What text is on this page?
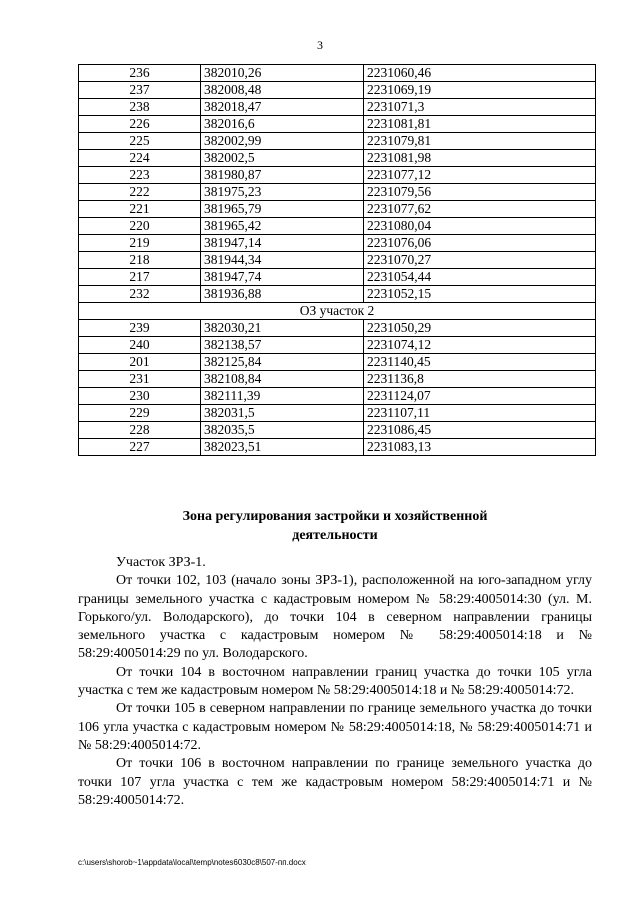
3
236	382010,26	2231060,46
237	382008,48	2231069,19
238	382018,47	2231071,3
226	382016,6	2231081,81
225	382002,99	2231079,81
224	382002,5	2231081,98
223	381980,87	2231077,12
222	381975,23	2231079,56
221	381965,79	2231077,62
220	381965,42	2231080,04
219	381947,14	2231076,06
218	381944,34	2231070,27
217	381947,74	2231054,44
232	381936,88	2231052,15
ОЗ участок 2		
239	382030,21	2231050,29
240	382138,57	2231074,12
201	382125,84	2231140,45
231	382108,84	2231136,8
230	382111,39	2231124,07
229	382031,5	2231107,11
228	382035,5	2231086,45
227	382023,51	2231083,13
Зона регулирования застройки и хозяйственной
деятельности

Участок ЗРЗ-1.

От точки 102, 103 (начало зоны ЗРЗ-1), расположенной на юго-западном углу границы земельного участка с кадастровым номером № 58:29:4005014:30 (ул. М. Горького/ул. Володарского), до точки 104 в северном направлении границы земельного участка с кадастровым номером № 58:29:4005014:18 и № 58:29:4005014:29 по ул. Володарского.

От точки 104 в восточном направлении границ участка до точки 105 угла участка с тем же кадастровым номером № 58:29:4005014:18 и № 58:29:4005014:72.

От точки 105 в северном направлении по границе земельного участка до точки 106 угла участка с кадастровым номером № 58:29:4005014:18, № 58:29:4005014:71 и № 58:29:4005014:72.

От точки 106 в восточном направлении по границе земельного участка до точки 107 угла участка с тем же кадастровым номером 58:29:4005014:71 и № 58:29:4005014:72.

c:\users\shorob~1\appdata\local\temp\notes6030c8\507-пп.docx
